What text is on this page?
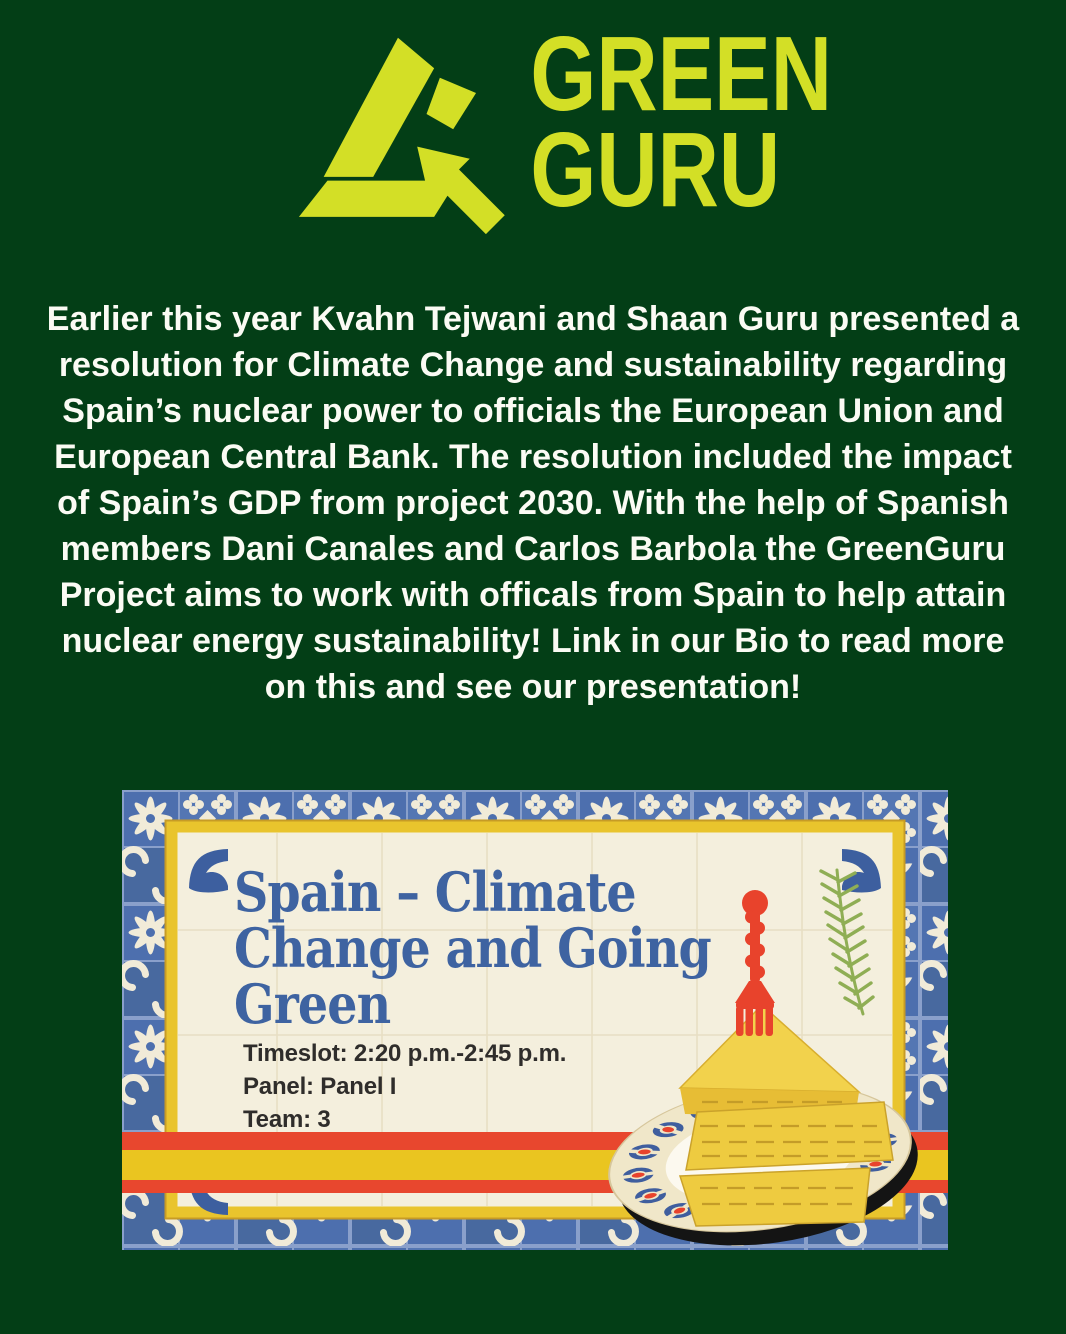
GREEN
GURU
Earlier this year Kvahn Tejwani and Shaan Guru presented a
resolution for Climate Change and sustainability regarding
Spain’s nuclear power to officials the European Union and
European Central Bank. The resolution included the impact
of Spain’s GDP from project 2030. With the help of Spanish
members Dani Canales and Carlos Barbola the GreenGuru
Project aims to work with officals from Spain to help attain
nuclear energy sustainability! Link in our Bio to read more
on this and see our presentation!
Spain – Climate
Change and Going
Green
Timeslot: 2:20 p.m.-2:45 p.m.
Panel: Panel I
Team: 3
